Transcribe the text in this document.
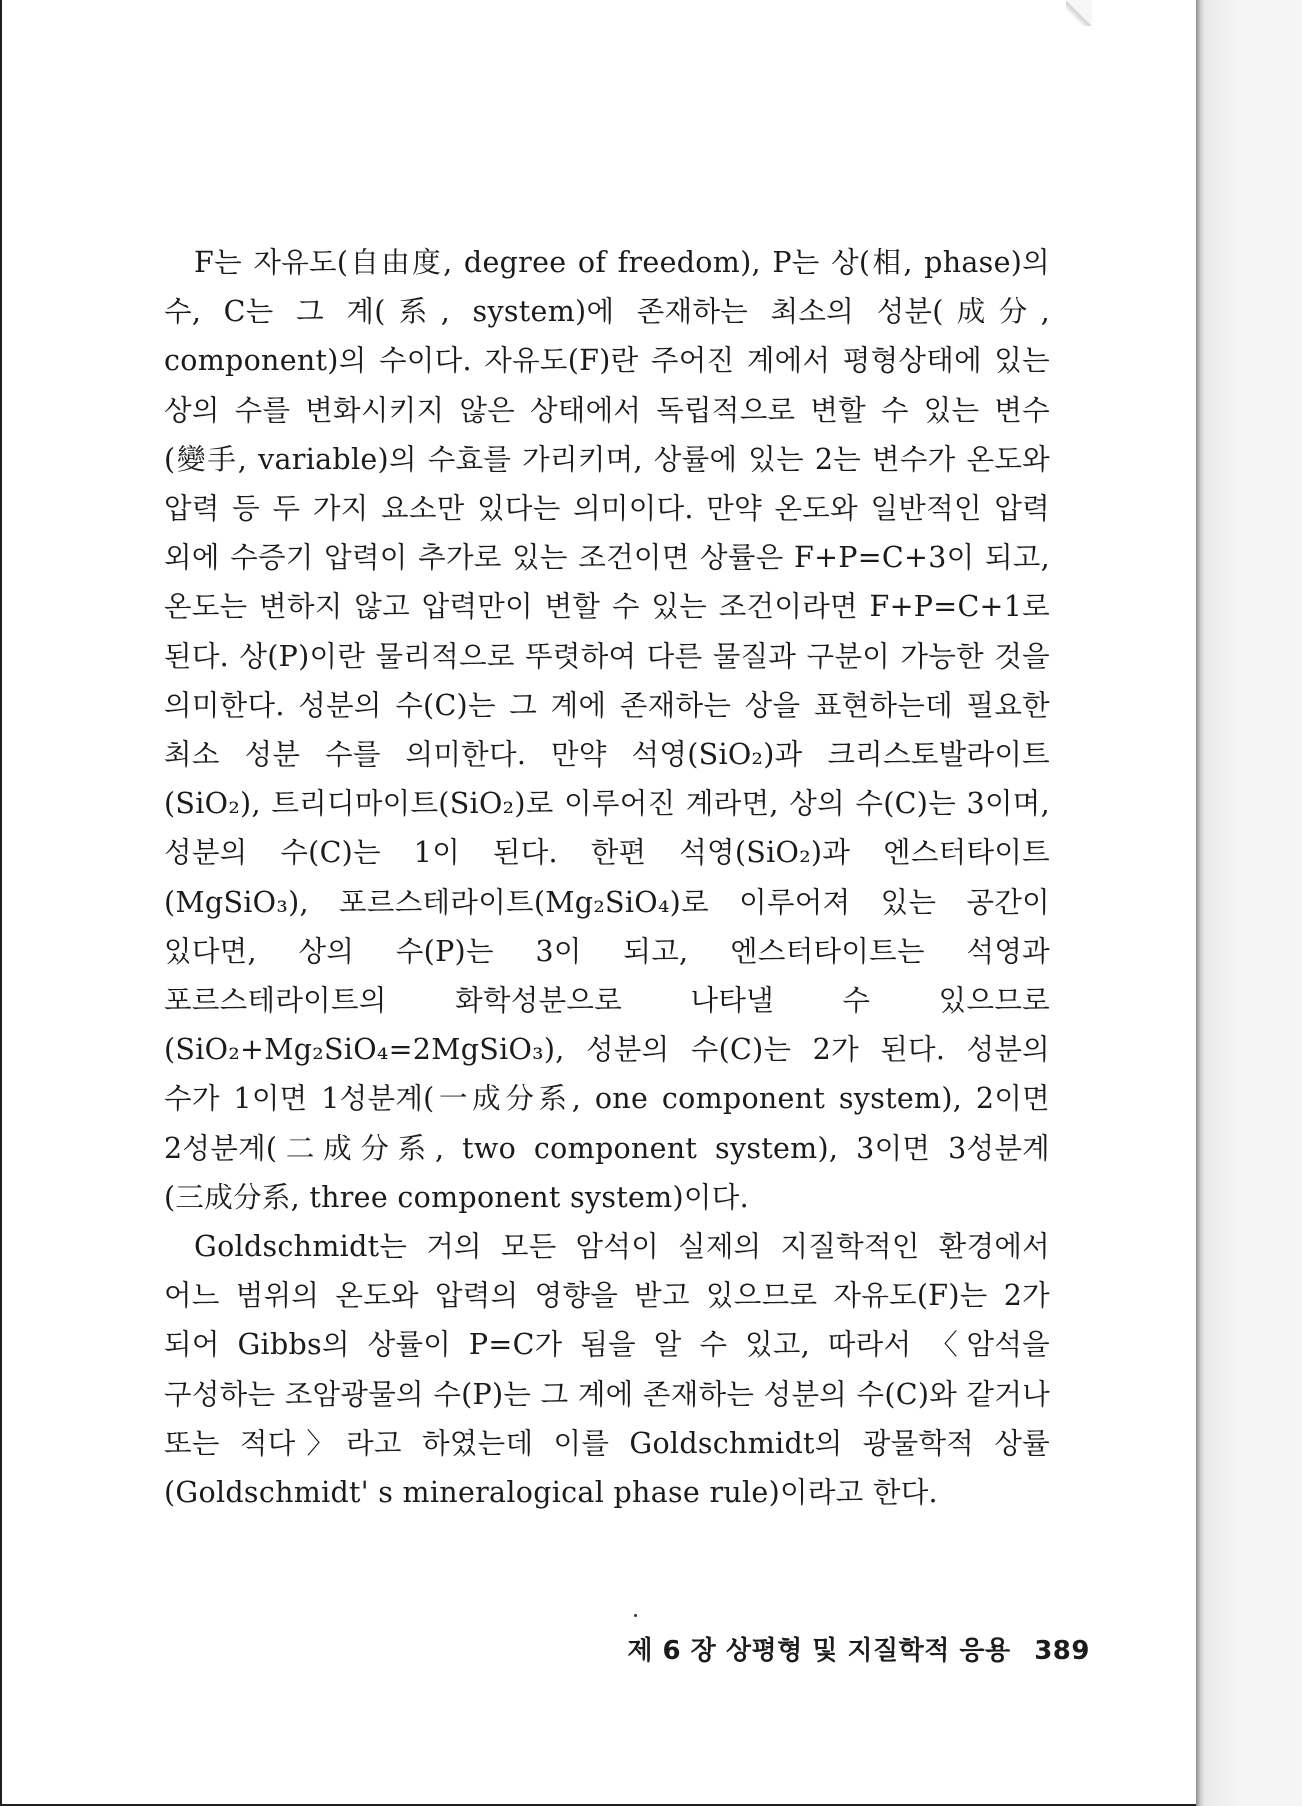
F는 자유도(自由度, degree of freedom), P는 상(相, phase)의 수, C는 그 계(系, system)에 존재하는 최소의 성분(成分, component)의 수이다. 자유도(F)란 주어진 계에서 평형상태에 있는 상의 수를 변화시키지 않은 상태에서 독립적으로 변할 수 있는 변수(變手, variable)의 수효를 가리키며, 상률에 있는 2는 변수가 온도와 압력 등 두 가지 요소만 있다는 의미이다. 만약 온도와 일반적인 압력 외에 수증기 압력이 추가로 있는 조건이면 상률은 F+P=C+3이 되고, 온도는 변하지 않고 압력만이 변할 수 있는 조건이라면 F+P=C+1로 된다. 상(P)이란 물리적으로 뚜렷하여 다른 물질과 구분이 가능한 것을 의미한다. 성분의 수(C)는 그 계에 존재하는 상을 표현하는데 필요한 최소 성분 수를 의미한다. 만약 석영(SiO₂)과 크리스토발라이트(SiO₂), 트리디마이트(SiO₂)로 이루어진 계라면, 상의 수(C)는 3이며, 성분의 수(C)는 1이 된다. 한편 석영(SiO₂)과 엔스터타이트(MgSiO₃), 포르스테라이트(Mg₂SiO₄)로 이루어져 있는 공간이 있다면, 상의 수(P)는 3이 되고, 엔스터타이트는 석영과 포르스테라이트의 화학성분으로 나타낼 수 있으므로 (SiO₂+Mg₂SiO₄=2MgSiO₃), 성분의 수(C)는 2가 된다. 성분의 수가 1이면 1성분계(一成分系, one component system), 2이면 2성분계(二成分系, two component system), 3이면 3성분계(三成分系, three component system)이다.

Goldschmidt는 거의 모든 암석이 실제의 지질학적인 환경에서 어느 범위의 온도와 압력의 영향을 받고 있으므로 자유도(F)는 2가 되어 Gibbs의 상률이 P=C가 됨을 알 수 있고, 따라서 〈암석을 구성하는 조암광물의 수(P)는 그 계에 존재하는 성분의 수(C)와 같거나 또는 적다〉라고 하였는데 이를 Goldschmidt의 광물학적 상률(Goldschmidt' s mineralogical phase rule)이라고 한다.

제 6 장 상평형 및 지질학적 응용 389
